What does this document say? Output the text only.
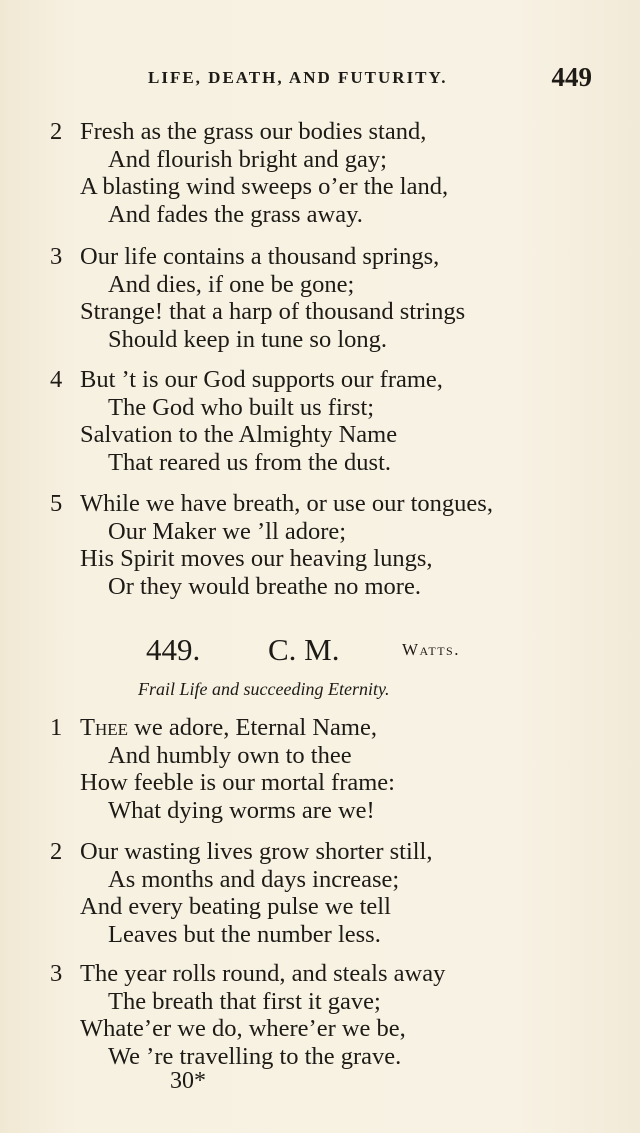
LIFE, DEATH, AND FUTURITY.	449
2 Fresh as the grass our bodies stand,
And flourish bright and gay;
A blasting wind sweeps o’er the land,
And fades the grass away.
3 Our life contains a thousand springs,
And dies, if one be gone;
Strange! that a harp of thousand strings
Should keep in tune so long.
4 But ’t is our God supports our frame,
The God who built us first;
Salvation to the Almighty Name
That reared us from the dust.
5 While we have breath, or use our tongues,
Our Maker we ’ll adore;
His Spirit moves our heaving lungs,
Or they would breathe no more.
449. C. M.	Watts.
Frail Life and succeeding Eternity.
1 Thee we adore, Eternal Name,
And humbly own to thee
How feeble is our mortal frame:
What dying worms are we!
2 Our wasting lives grow shorter still,
As months and days increase;
And every beating pulse we tell
Leaves but the number less.
3 The year rolls round, and steals away
The breath that first it gave;
Whate’er we do, where’er we be,
We ’re travelling to the grave.
30*
